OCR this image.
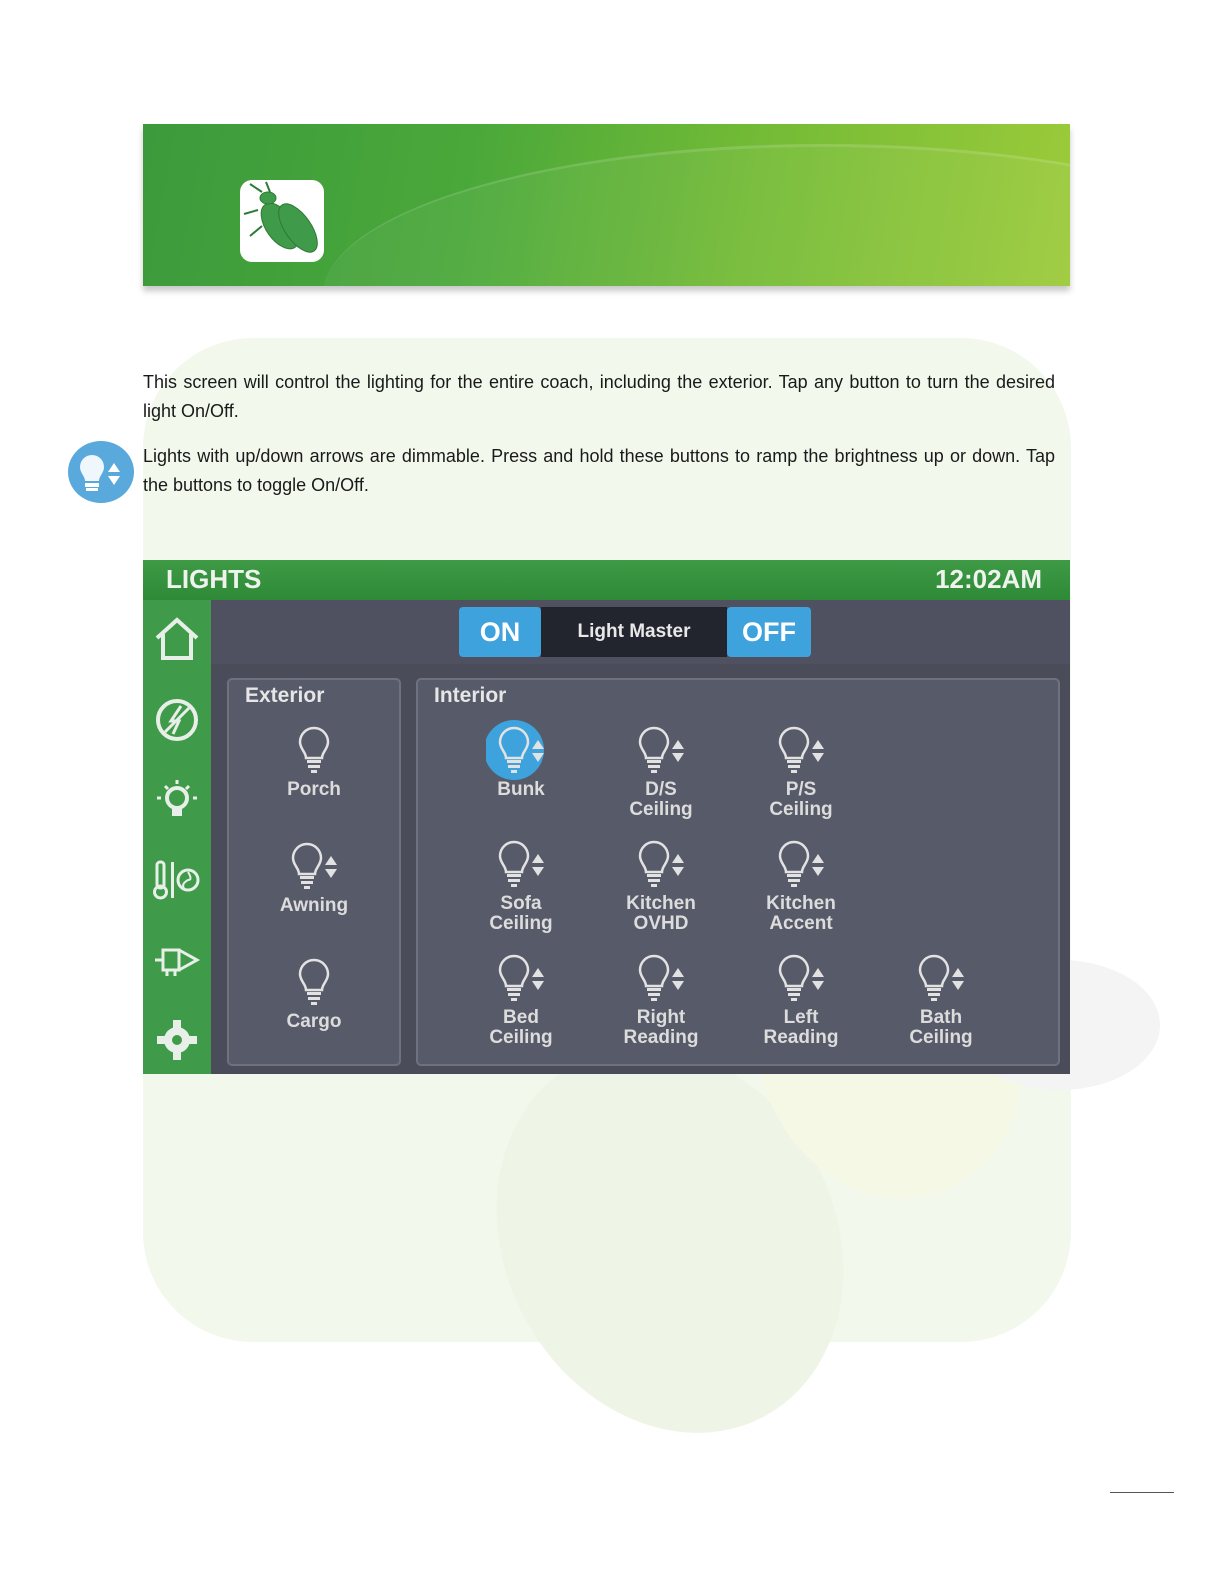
This screen will control the lighting for the entire coach, including the exterior. Tap any button to turn the desired light On/Off.

Lights with up/down arrows are dimmable. Press and hold these buttons to ramp the brightness up or down. Tap the buttons to toggle On/Off.

LIGHTS	12:02AM
ON	Light Master	OFF
Exterior
Porch
Awning
Cargo
Interior
Bunk	D/S
Ceiling
P/S
Ceiling
Sofa
Ceiling
Kitchen
OVHD
Kitchen
Accent
Bed
Ceiling
Right
Reading
Left
Reading
Bath
Ceiling
